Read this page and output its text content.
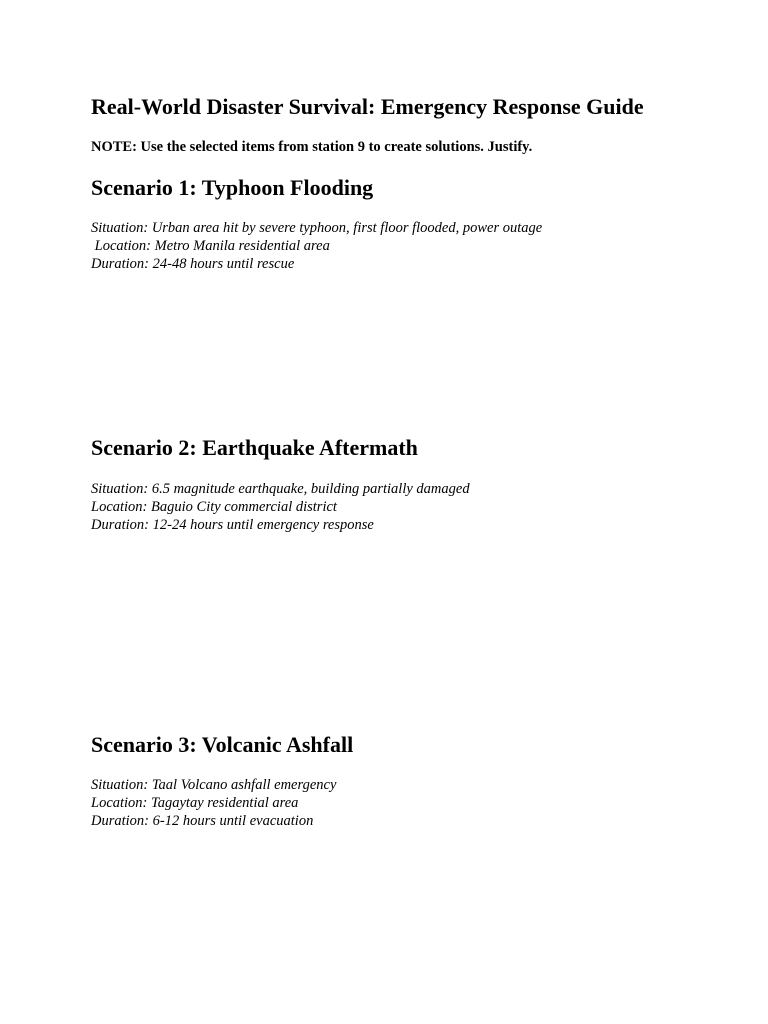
Real-World Disaster Survival: Emergency Response Guide

NOTE: Use the selected items from station 9 to create solutions. Justify.

Scenario 1: Typhoon Flooding
Situation: Urban area hit by severe typhoon, first floor flooded, power outage
Location: Metro Manila residential area
Duration: 24-48 hours until rescue
Scenario 2: Earthquake Aftermath
Situation: 6.5 magnitude earthquake, building partially damaged
Location: Baguio City commercial district
Duration: 12-24 hours until emergency response
Scenario 3: Volcanic Ashfall
Situation: Taal Volcano ashfall emergency
Location: Tagaytay residential area
Duration: 6-12 hours until evacuation
